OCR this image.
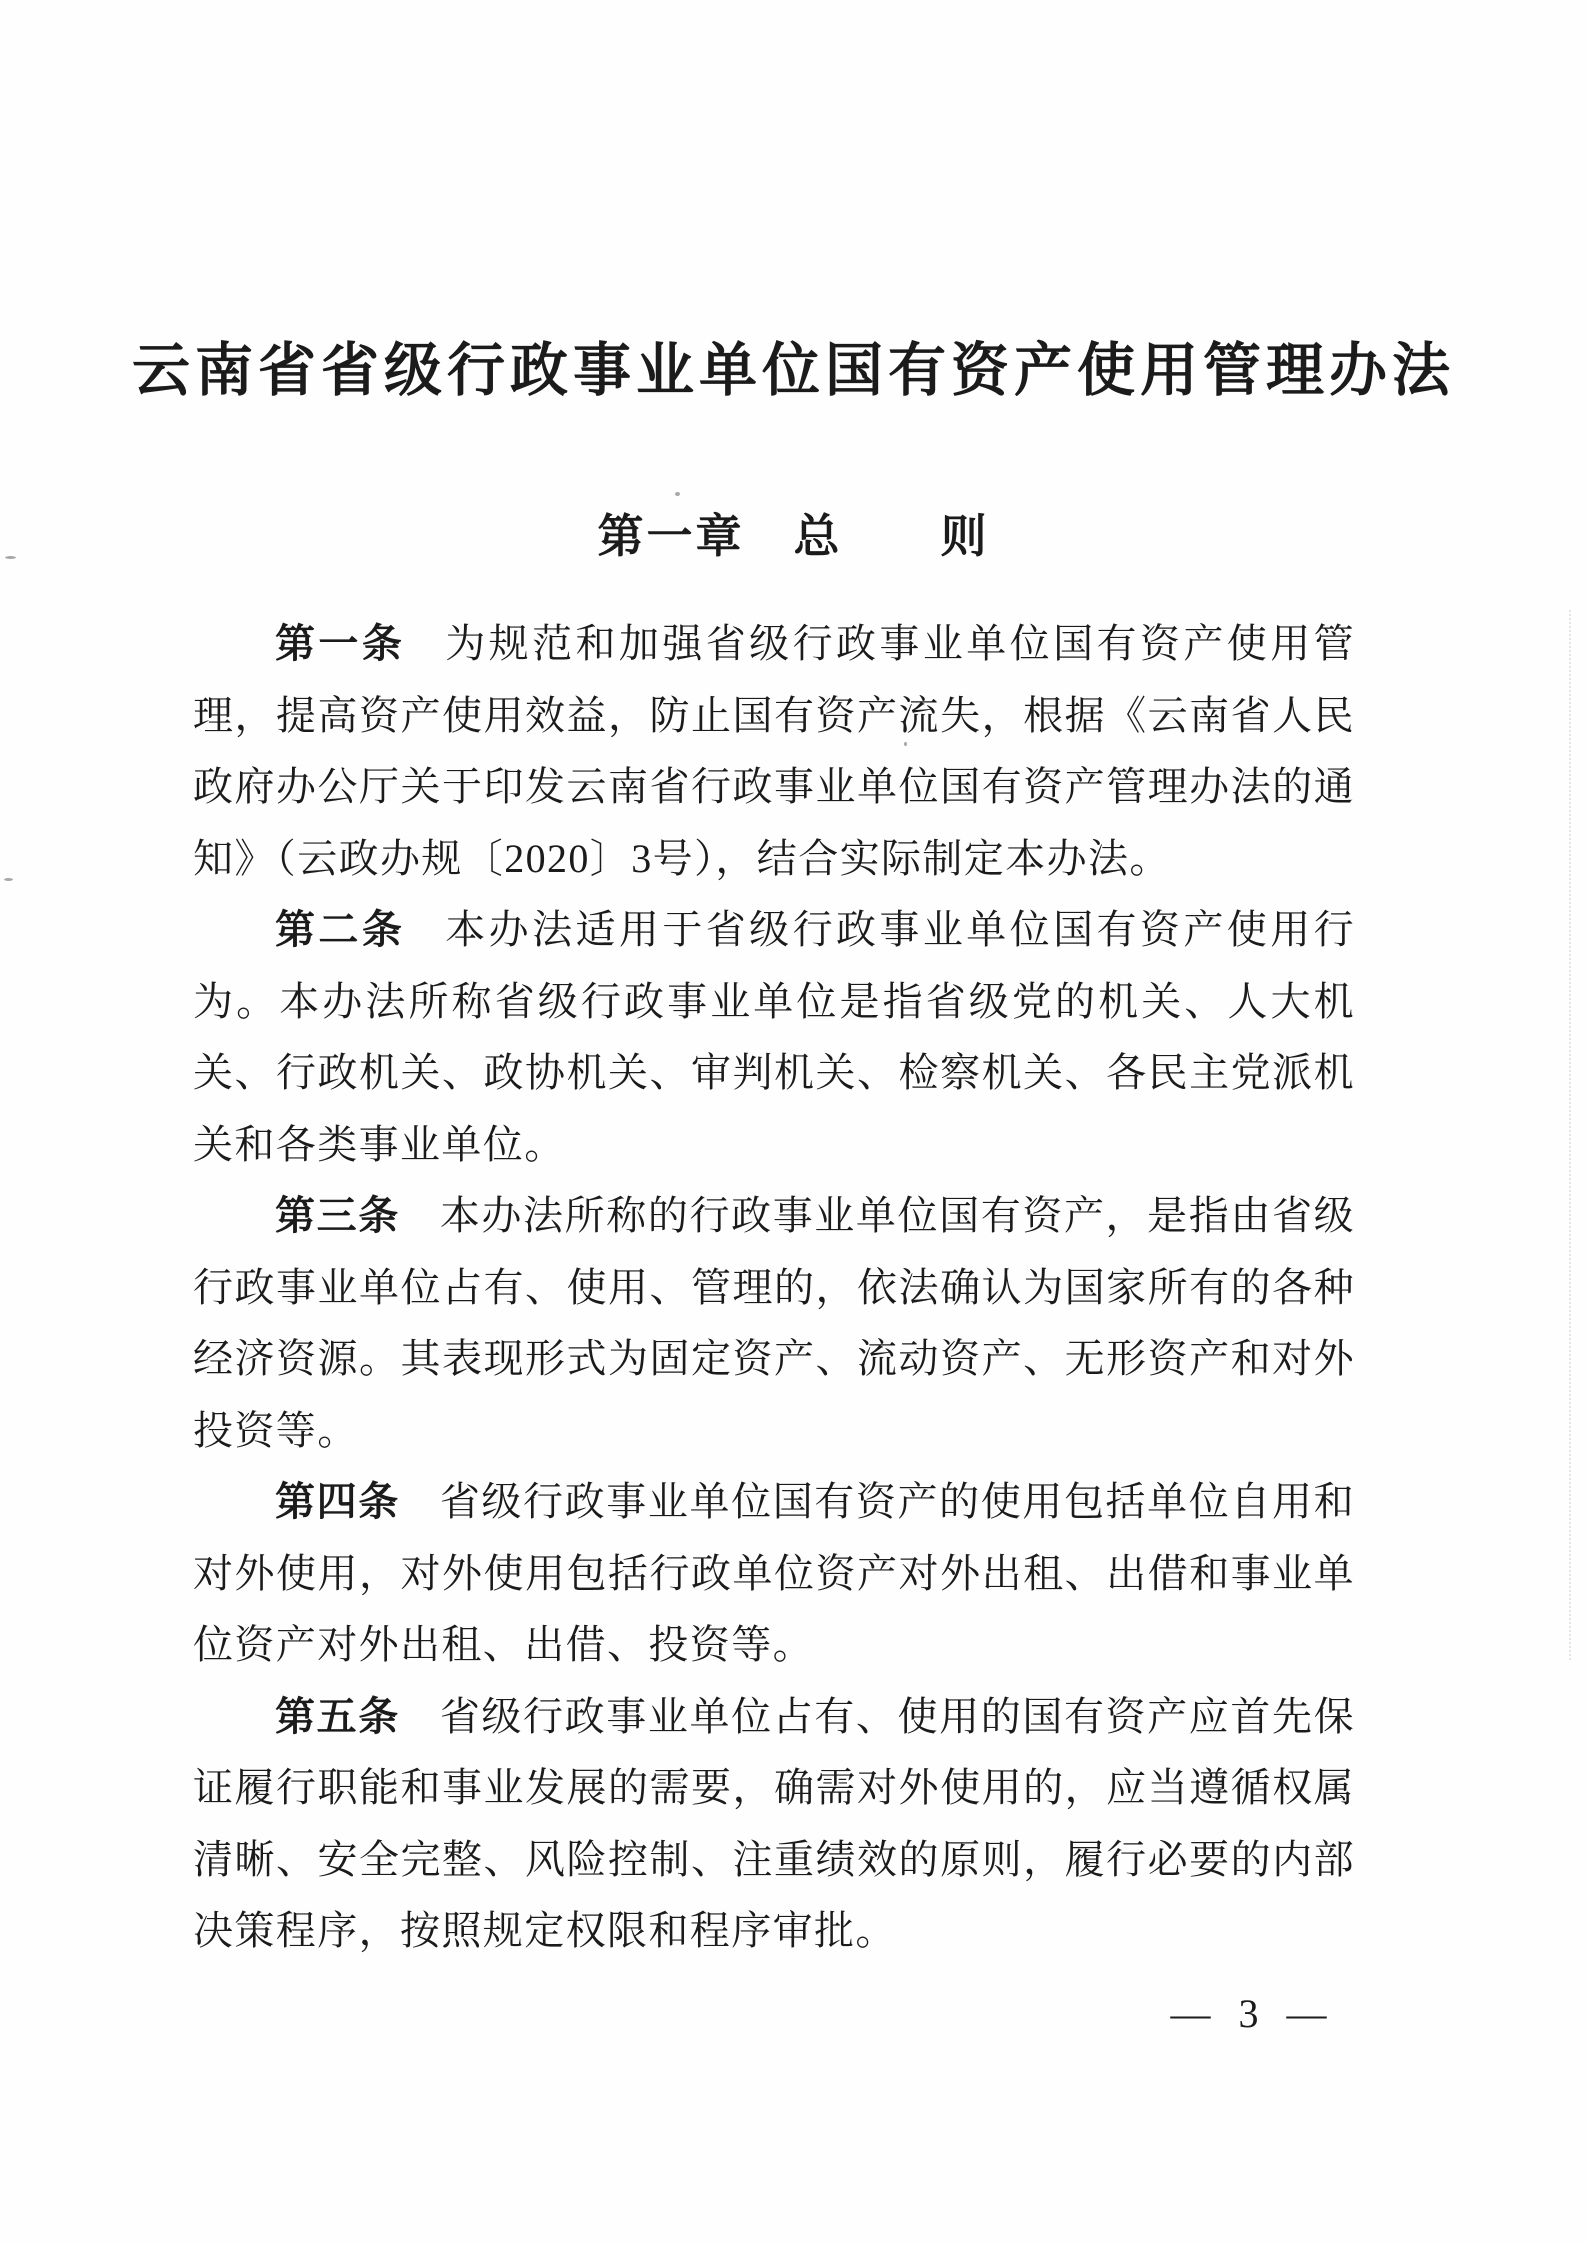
云南省省级行政事业单位国有资产使用管理办法
第一章　总　　则

第一条 为规范和加强省级行政事业单位国有资产使用管理，提高资产使用效益，防止国有资产流失，根据《云南省人民政府办公厅关于印发云南省行政事业单位国有资产管理办法的通知》（云政办规〔2020〕3号），结合实际制定本办法。

第二条 本办法适用于省级行政事业单位国有资产使用行为。本办法所称省级行政事业单位是指省级党的机关、人大机关、行政机关、政协机关、审判机关、检察机关、各民主党派机关和各类事业单位。

第三条 本办法所称的行政事业单位国有资产，是指由省级行政事业单位占有、使用、管理的，依法确认为国家所有的各种经济资源。其表现形式为固定资产、流动资产、无形资产和对外投资等。

第四条 省级行政事业单位国有资产的使用包括单位自用和对外使用，对外使用包括行政单位资产对外出租、出借和事业单位资产对外出租、出借、投资等。

第五条 省级行政事业单位占有、使用的国有资产应首先保证履行职能和事业发展的需要，确需对外使用的，应当遵循权属清晰、安全完整、风险控制、注重绩效的原则，履行必要的内部决策程序，按照规定权限和程序审批。

— 3 —
